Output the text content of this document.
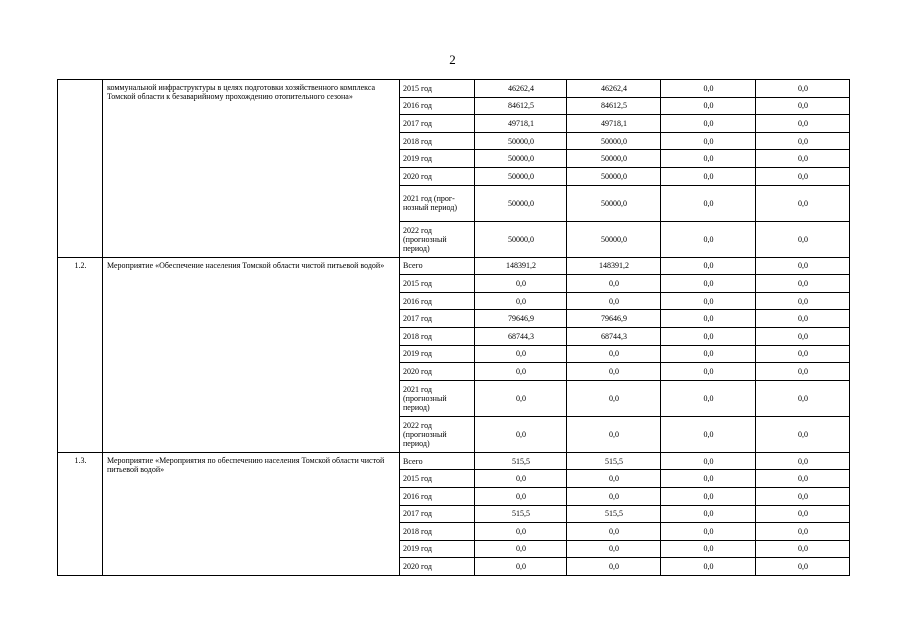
2
	коммунальной инфраструктуры в целях подготовки хозяйственного комплекса Томской области к безаварийному прохождению отопительного сезона»	2015 год	46262,4	46262,4	0,0	0,0
		2016 год	84612,5	84612,5	0,0	0,0
		2017 год	49718,1	49718,1	0,0	0,0
		2018 год	50000,0	50000,0	0,0	0,0
		2019 год	50000,0	50000,0	0,0	0,0
		2020 год	50000,0	50000,0	0,0	0,0
		2021 год (прог-
нозный период)	50000,0	50000,0	0,0	0,0
		2022 год
(прогнозный
период)	50000,0	50000,0	0,0	0,0
1.2.	Мероприятие «Обеспечение населения Томской области чистой питьевой водой»	Всего	148391,2	148391,2	0,0	0,0
		2015 год	0,0	0,0	0,0	0,0
		2016 год	0,0	0,0	0,0	0,0
		2017 год	79646,9	79646,9	0,0	0,0
		2018 год	68744,3	68744,3	0,0	0,0
		2019 год	0,0	0,0	0,0	0,0
		2020 год	0,0	0,0	0,0	0,0
		2021 год
(прогнозный
период)	0,0	0,0	0,0	0,0
		2022 год
(прогнозный
период)	0,0	0,0	0,0	0,0
1.3.	Мероприятие «Мероприятия по обеспечению населения Томской области чистой питьевой водой»	Всего	515,5	515,5	0,0	0,0
		2015 год	0,0	0,0	0,0	0,0
		2016 год	0,0	0,0	0,0	0,0
		2017 год	515,5	515,5	0,0	0,0
		2018 год	0,0	0,0	0,0	0,0
		2019 год	0,0	0,0	0,0	0,0
		2020 год	0,0	0,0	0,0	0,0
